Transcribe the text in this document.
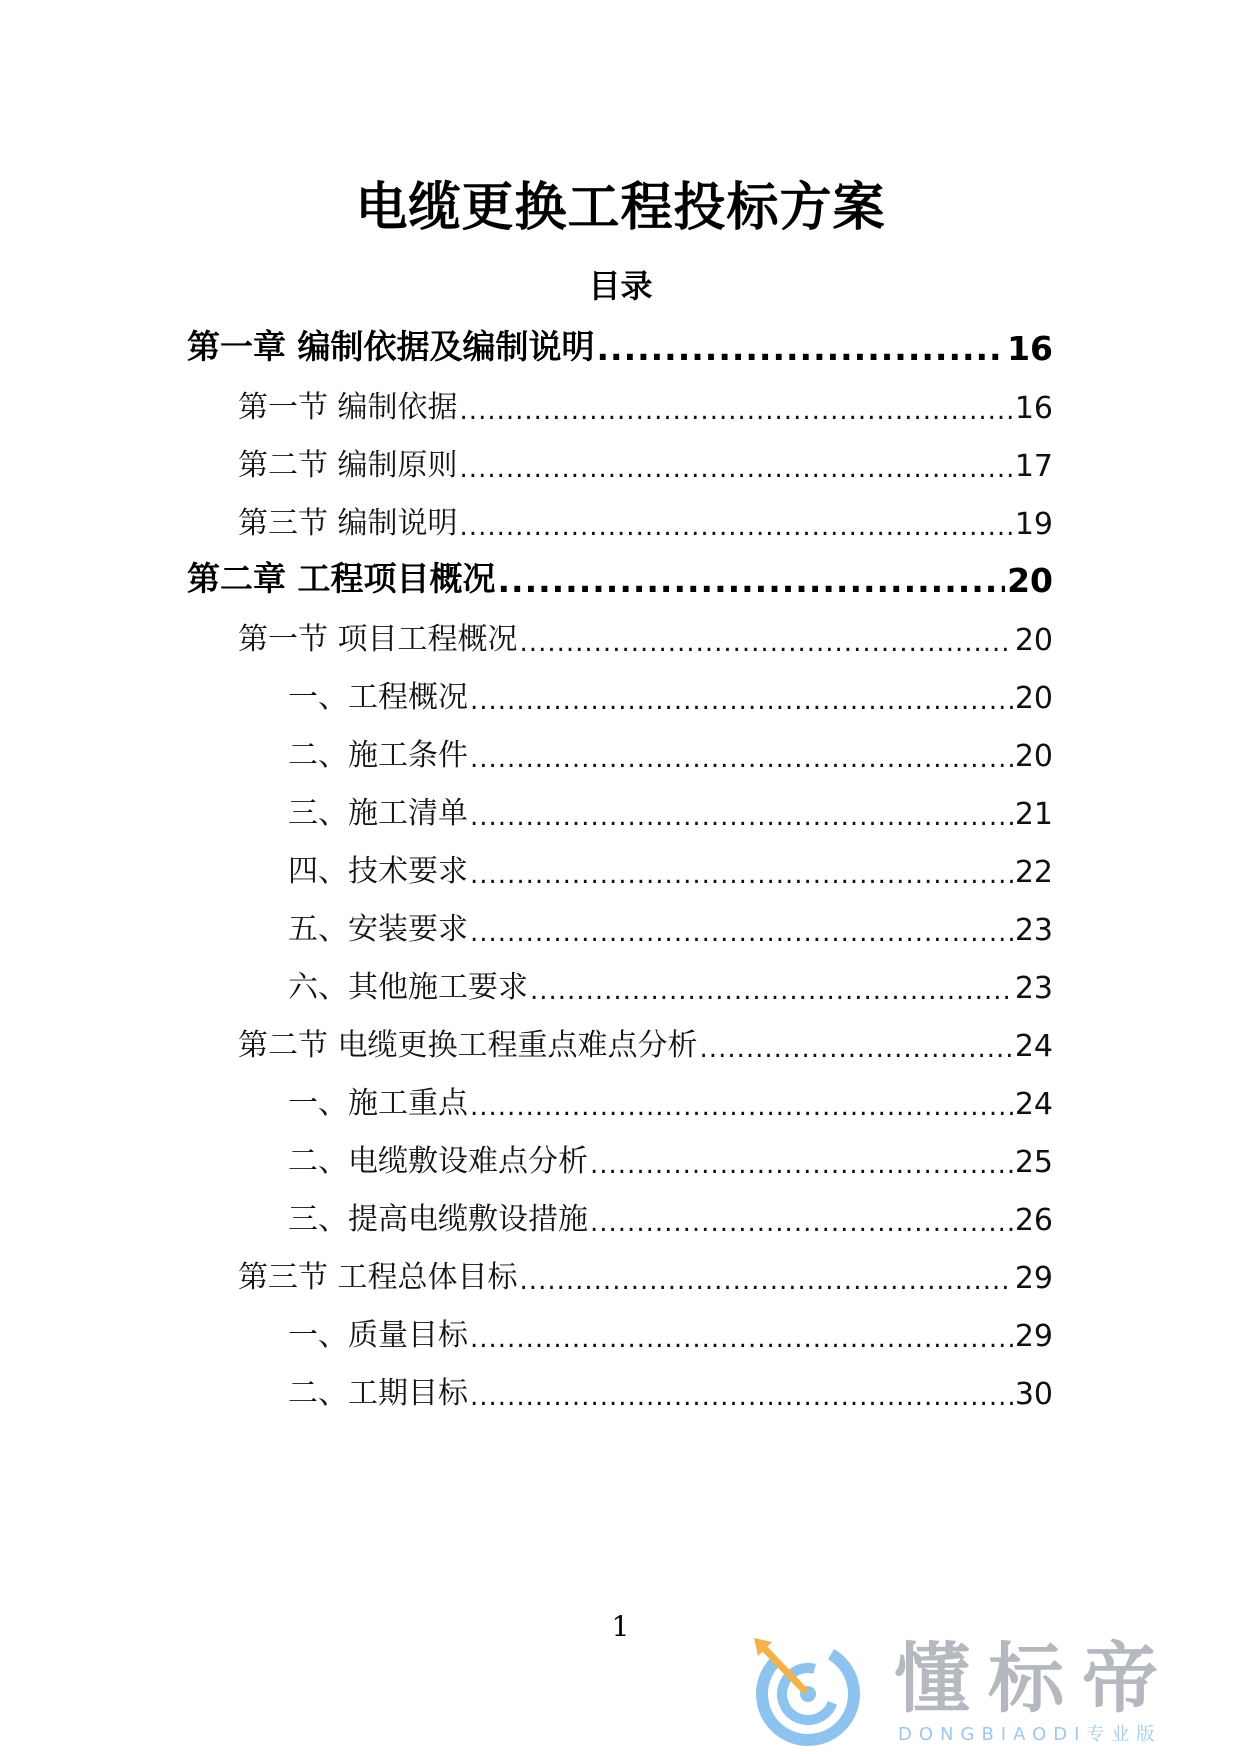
电缆更换工程投标方案
目录
第一章 编制依据及编制说明 .....	16
第一节 编制依据 .....	16
第二节 编制原则 .....	17
第三节 编制说明 .....	19
第二章 工程项目概况 .....	20
第一节 项目工程概况 .....	20
一、工程概况 .....	20
二、施工条件 .....	20
三、施工清单 .....	21
四、技术要求 .....	22
五、安装要求 .....	23
六、其他施工要求 .....	23
第二节 电缆更换工程重点难点分析 .....	24
一、施工重点 .....	24
二、电缆敷设难点分析 .....	25
三、提高电缆敷设措施 .....	26
第三节 工程总体目标 .....	29
一、质量目标 .....	29
二、工期目标 .....	30
1
懂标帝
DONGBIAODI专业版
